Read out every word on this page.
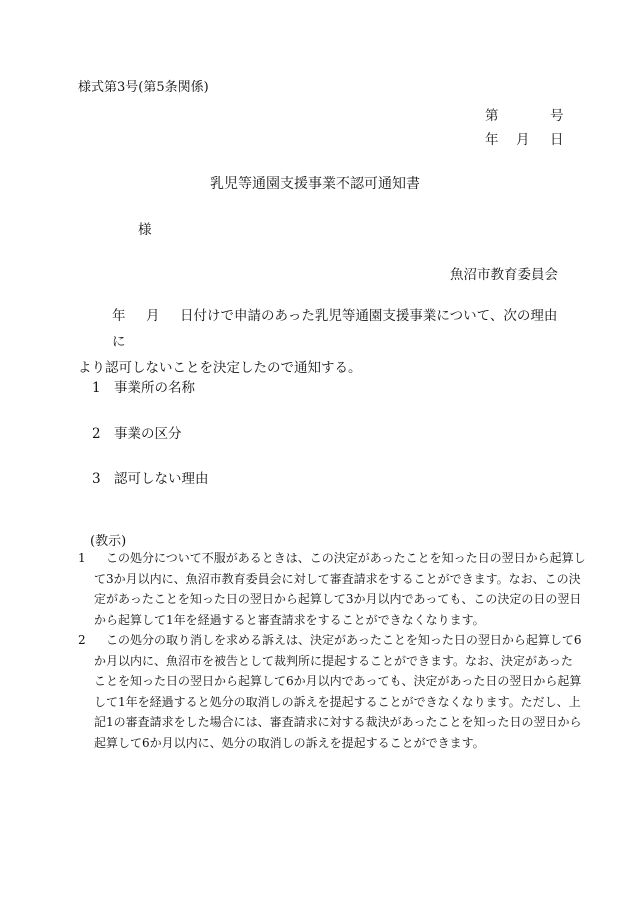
様式第3号(第5条関係)
第	号
年 月 日
乳児等通園支援事業不認可通知書
様
魚沼市教育委員会
年 月 日付けで申請のあった乳児等通園支援事業について、次の理由に
より認可しないことを決定したので通知する。
1 事業所の名称
2 事業の区分
3 認可しない理由
(教示)
1	この処分について不服があるときは、この決定があったことを知った日の翌日から起算し
て3か月以内に、魚沼市教育委員会に対して審査請求をすることができます。なお、この決
定があったことを知った日の翌日から起算して3か月以内であっても、この決定の日の翌日
から起算して1年を経過すると審査請求をすることができなくなります。
2	この処分の取り消しを求める訴えは、決定があったことを知った日の翌日から起算して6
か月以内に、魚沼市を被告として裁判所に提起することができます。なお、決定があった
ことを知った日の翌日から起算して6か月以内であっても、決定があった日の翌日から起算
して1年を経過すると処分の取消しの訴えを提起することができなくなります。ただし、上
記1の審査請求をした場合には、審査請求に対する裁決があったことを知った日の翌日から
起算して6か月以内に、処分の取消しの訴えを提起することができます。
